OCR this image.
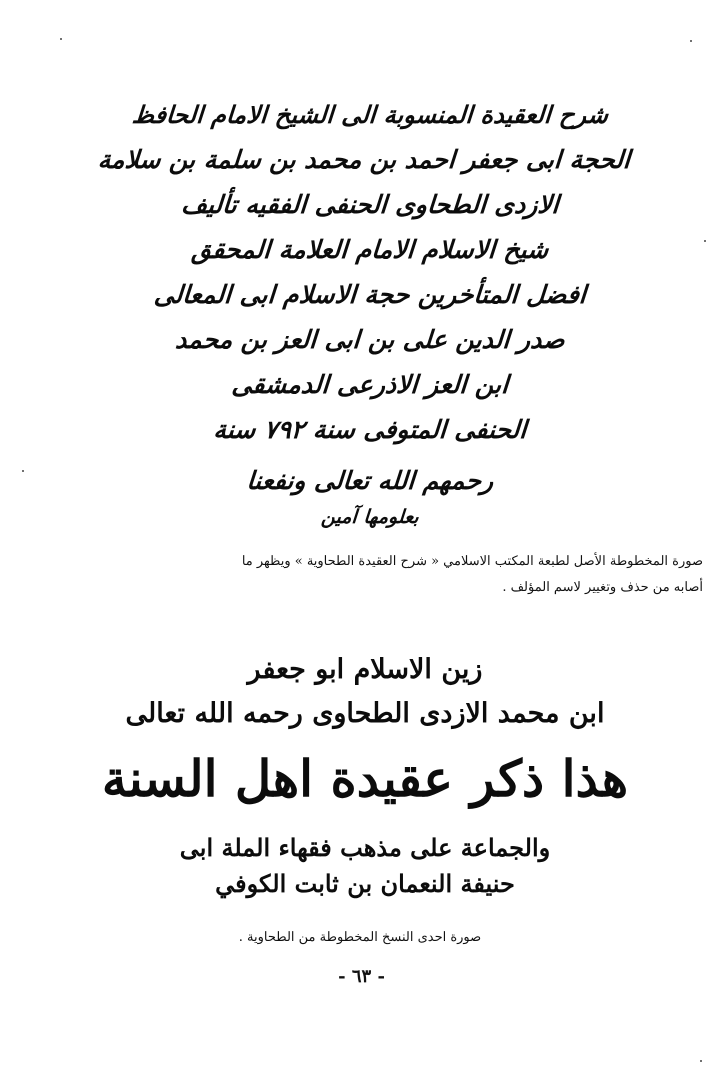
شرح العقيدة المنسوبة الى الشيخ الامام الحافظ
الحجة ابى جعفر احمد بن محمد بن سلمة بن سلامة
الازدى الطحاوى الحنفى الفقيه تأليف
شيخ الاسلام الامام العلامة المحقق
افضل المتأخرين حجة الاسلام ابى المعالى
صدر الدين على بن ابى العز بن محمد
ابن العز الاذرعى الدمشقى
الحنفى المتوفى سنة ٧٩٢ سنة
رحمهم الله تعالى ونفعنا
بعلومها آمين
صورة المخطوطة الأصل لطبعة المكتب الاسلامي « شرح العقيدة الطحاوية » ويظهر ما
أصابه من حذف وتغيير لاسم المؤلف .
زين الاسلام ابو جعفر
ابن محمد الازدى الطحاوى رحمه الله تعالى
هذا ذكر عقيدة اهل السنة
والجماعة على مذهب فقهاء الملة ابى
حنيفة النعمان بن ثابت الكوفي
صورة احدى النسخ المخطوطة من الطحاوية .
- ٦٣ -
